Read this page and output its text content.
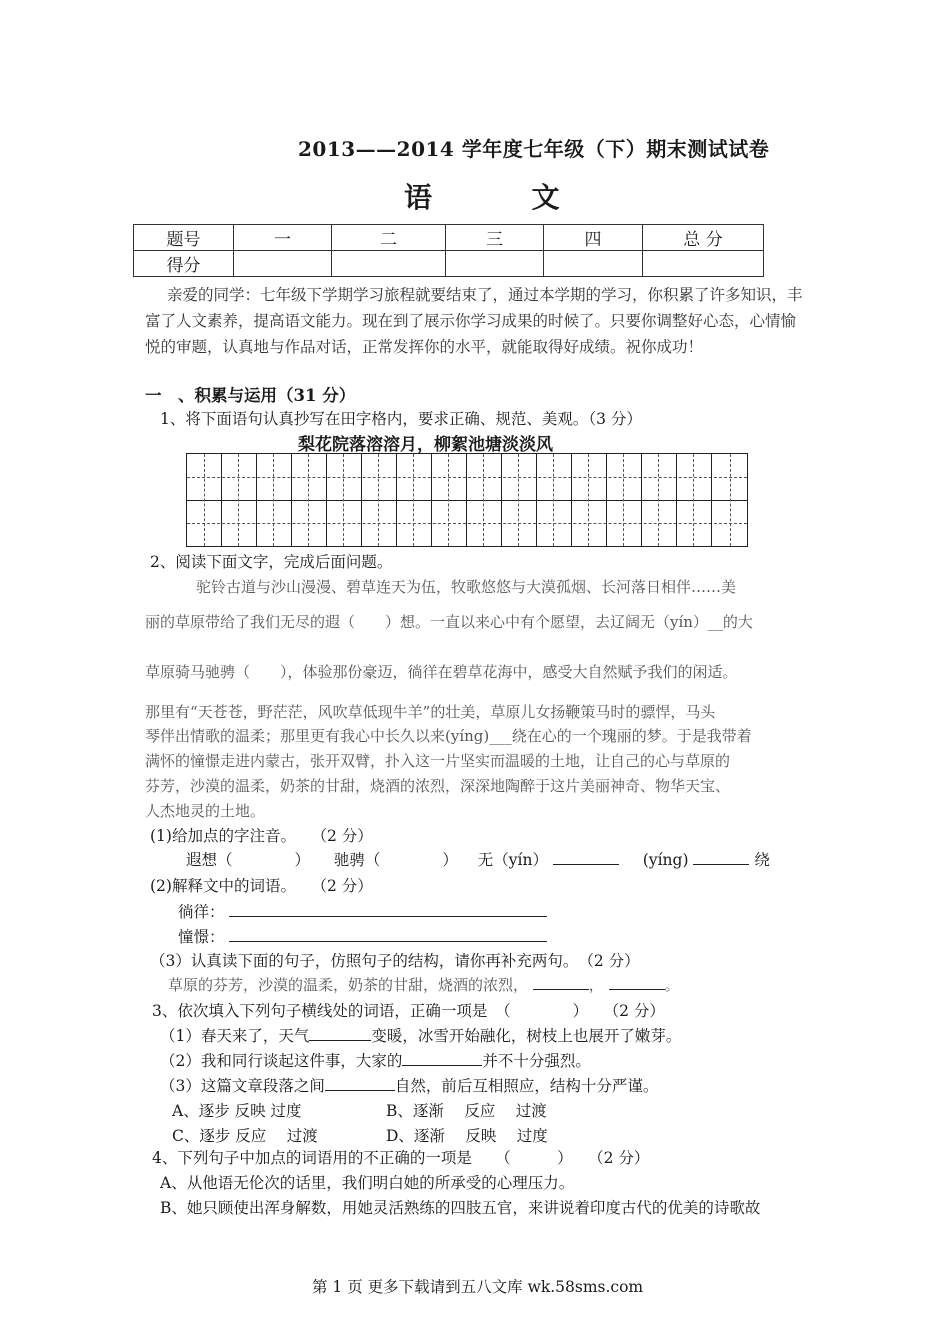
2013——2014 学年度七年级（下）期末测试试卷
语	文
题号	一	二	三	四	总 分
得分					
亲爱的同学：七年级下学期学习旅程就要结束了，通过本学期的学习，你积累了许多知识，丰富了人文素养，提高语文能力。现在到了展示你学习成果的时候了。只要你调整好心态，心情愉悦的审题，认真地与作品对话，正常发挥你的水平，就能取得好成绩。祝你成功！
一　、积累与运用（31 分）
1、将下面语句认真抄写在田字格内，要求正确、规范、美观。（3 分）
梨花院落溶溶月，柳絮池塘淡淡风
2、阅读下面文字，完成后面问题。
驼铃古道与沙山漫漫、碧草连天为伍，牧歌悠悠与大漠孤烟、长河落日相伴……美
丽的草原带给了我们无尽的遐（　　）想。一直以来心中有个愿望，去辽阔无（yín）__的大
草原骑马驰骋（　　），体验那份豪迈，徜徉在碧草花海中，感受大自然赋予我们的闲适。
那里有“天苍苍，野茫茫，风吹草低现牛羊”的壮美，草原儿女扬鞭策马时的骠悍，马头
琴伴出情歌的温柔；那里更有我心中长久以来(yíng)___绕在心的一个瑰丽的梦。于是我带着
满怀的憧憬走进内蒙古，张开双臂，扑入这一片坚实而温暖的土地，让自己的心与草原的
芬芳，沙漠的温柔，奶茶的甘甜，烧酒的浓烈，深深地陶醉于这片美丽神奇、物华天宝、
人杰地灵的土地。
(1)给加点的字注音。　　（2 分）
遐想（　　　　） 驰骋（　　　　） 无（yín）	(yíng)	绕
(2)解释文中的词语。　　（2 分）
徜徉：
憧憬：
（3）认真读下面的句子，仿照句子的结构，请你再补充两句。　（2 分）
草原的芬芳，沙漠的温柔，奶茶的甘甜，烧酒的浓烈，	，	。
3、依次填入下列句子横线处的词语，正确一项是　（　　　　）　　（2 分）
（1）春天来了，天气	变暖，冰雪开始融化，树枝上也展开了嫩芽。
（2）我和同行谈起这件事，大家的	并不十分强烈。
（3）这篇文章段落之间	自然，前后互相照应，结构十分严谨。
A、逐步 反映 过度	B、逐渐　 反应　 过渡
C、逐步 反应　 过渡	D、逐渐　 反映　 过度
4、下列句子中加点的词语用的不正确的一项是　　（　　　）　　（2 分）
A、从他语无伦次的话里，我们明白她的所承受的心理压力。
B、她只顾使出浑身解数，用她灵活熟练的四肢五官，来讲说着印度古代的优美的诗歌故
第 1 页 更多下载请到五八文库 wk.58sms.com
